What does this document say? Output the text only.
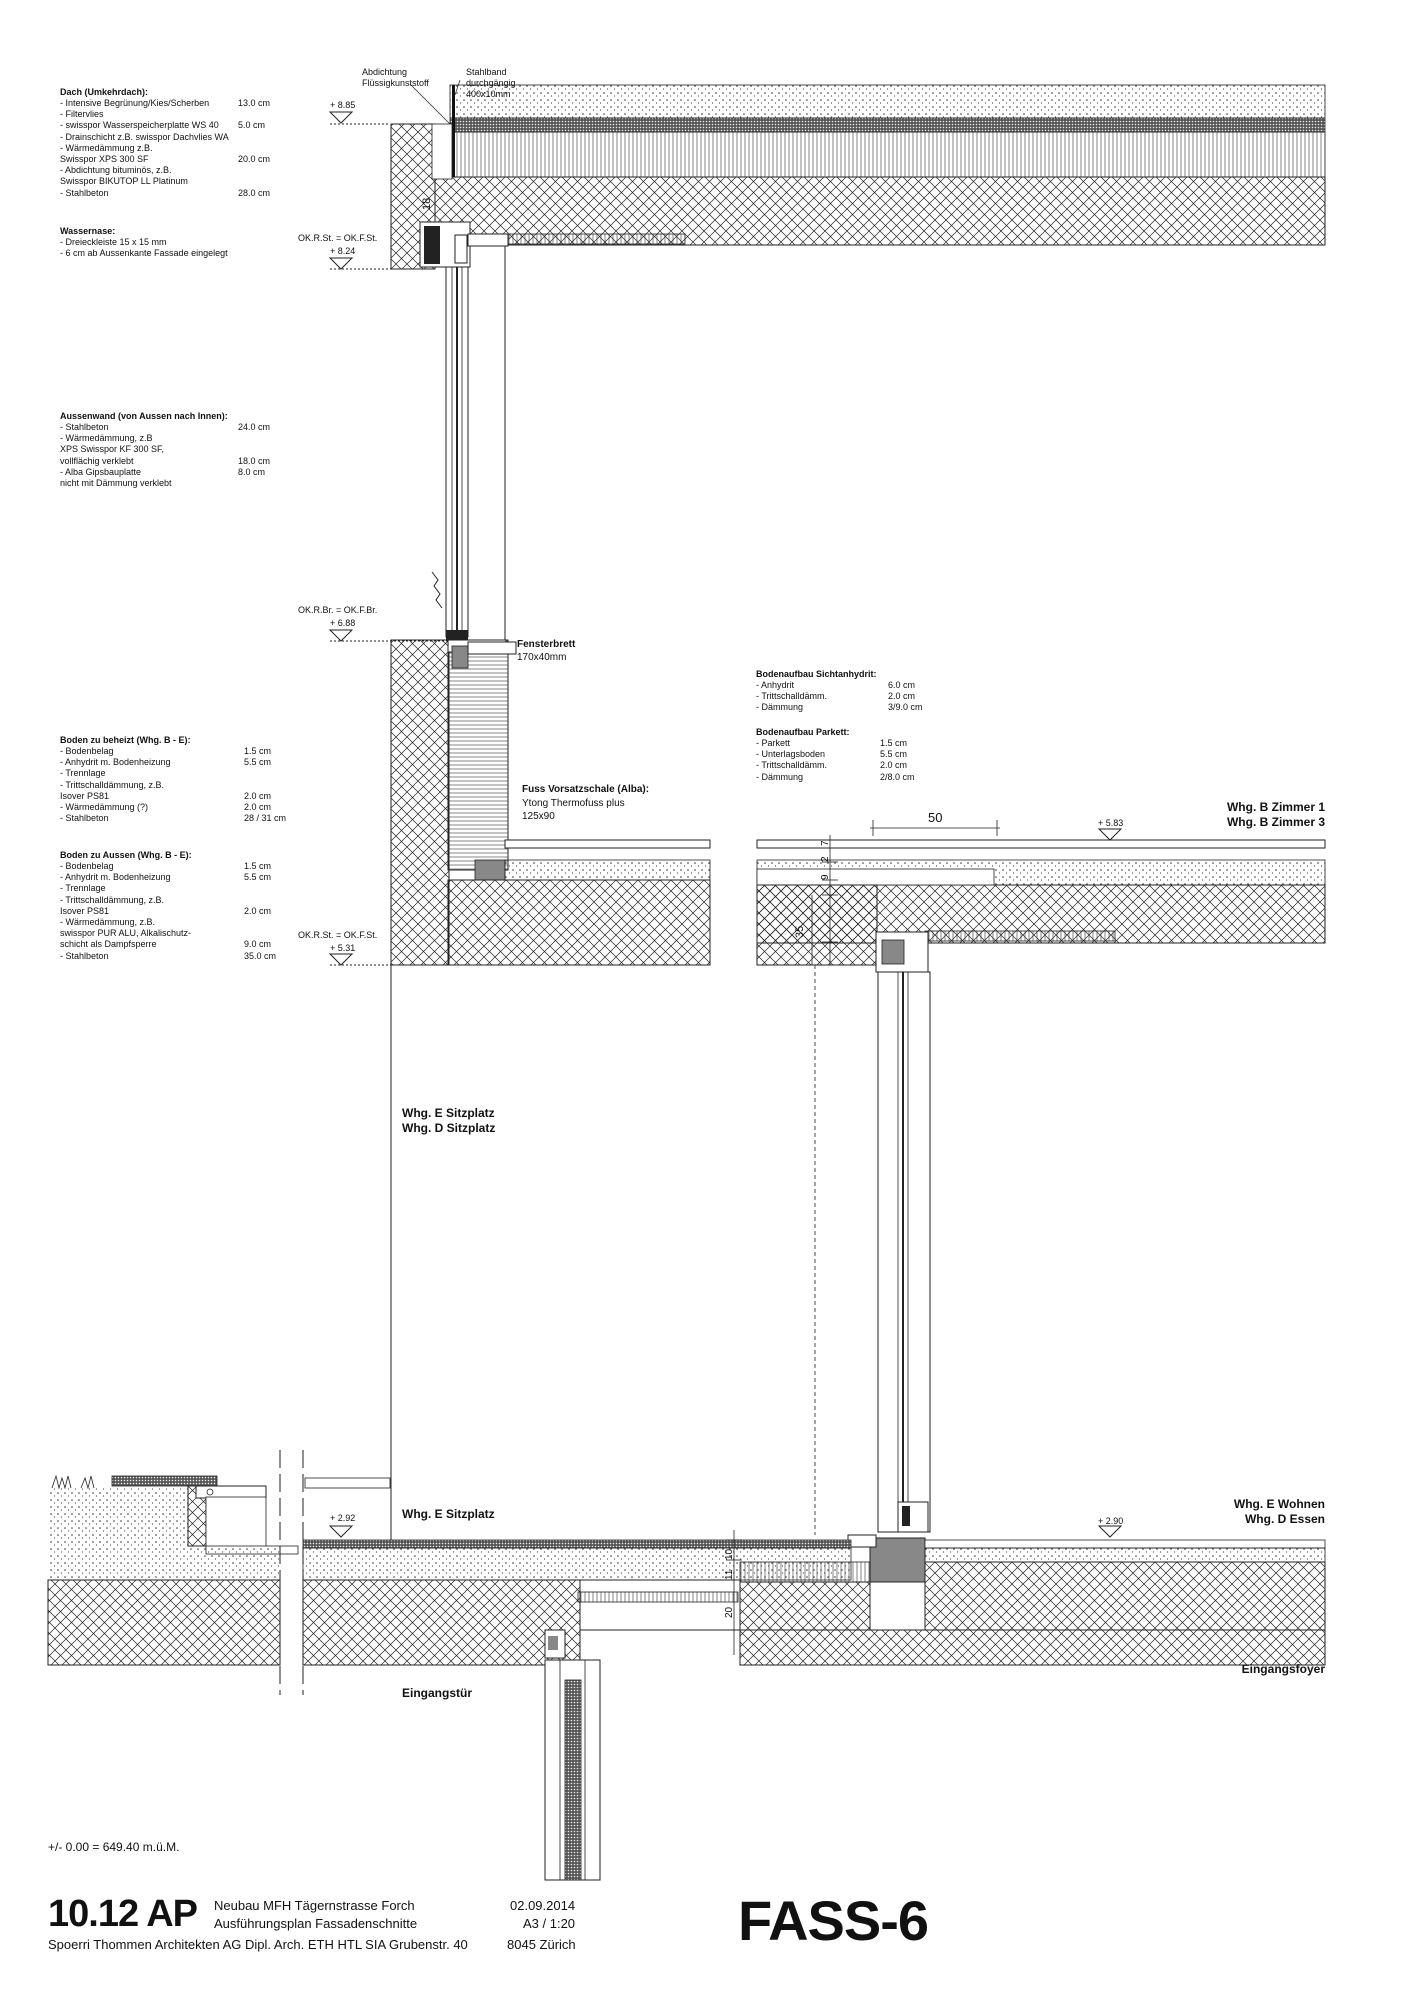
Dach (Umkehrdach):
- Intensive Begrünung/Kies/Scherben	13.0 cm
- Filtervlies
- swisspor Wasserspeicherplatte WS 40 5.0 cm
- Drainschicht z.B. swisspor Dachvlies WA
- Wärmedämmung z.B.
Swisspor XPS 300 SF	20.0 cm
- Abdichtung bituminös, z.B.
Swisspor BIKUTOP LL Platinum
- Stahlbeton	28.0 cm
Wassernase:
- Dreieckleiste 15 x 15 mm
- 6 cm ab Aussenkante Fassade eingelegt
Aussenwand (von Aussen nach Innen):
- Stahlbeton	24.0 cm
- Wärmedämmung, z.B
XPS Swisspor KF 300 SF,
vollflächig verklebt	18.0 cm
- Alba Gipsbauplatte	8.0 cm
nicht mit Dämmung verklebt
Boden zu beheizt (Whg. B - E):
- Bodenbelag	1.5 cm
- Anhydrit m. Bodenheizung	5.5 cm
- Trennlage
- Trittschalldämmung, z.B.
Isover PS81	2.0 cm
- Wärmedämmung (?)	2.0 cm
- Stahlbeton	28 / 31 cm
Boden zu Aussen (Whg. B - E):
- Bodenbelag	1.5 cm
- Anhydrit m. Bodenheizung	5.5 cm
- Trennlage
- Trittschalldämmung, z.B.
Isover PS81	2.0 cm
- Wärmedämmung, z.B.
swisspor PUR ALU, Alkalischutz-
schicht als Dampfsperre	9.0 cm
- Stahlbeton	35.0 cm
Bodenaufbau Sichtanhydrit:
- Anhydrit	6.0 cm
- Trittschalldämm.	2.0 cm
- Dämmung	3/9.0 cm
Bodenaufbau Parkett:
- Parkett	1.5 cm
- Unterlagsboden	5.5 cm
- Trittschalldämm.	2.0 cm
- Dämmung	2/8.0 cm
Abdichtung
Flüssigkunststoff
Stahlband
durchgängig
400x10mm
Fensterbrett
170x40mm
Fuss Vorsatzschale (Alba):
Ytong Thermofuss plus
125x90
+ 8.85
OK.R.St. = OK.F.St.
+ 8.24
OK.R.Br. = OK.F.Br.
+ 6.88
OK.R.St. = OK.F.St.
+ 5.31
+ 5.83
+ 2.92	+ 2.90
50
18
7
2
9
35
10
11
20
Whg. B Zimmer 1
Whg. B Zimmer 3
Whg. E Sitzplatz
Whg. D Sitzplatz
Whg. E Sitzplatz
Whg. E Wohnen
Whg. D Essen
Eingangsfoyer
Eingangstür
10.12 AP Neubau MFH Tägernstrasse Forch
Ausführungsplan Fassadenschnitte
Spoerri Thommen Architekten AG Dipl. Arch. ETH HTL SIA Grubenstr. 40
02.09.2014
A3 / 1:20
8045 Zürich	FASS-6
+/- 0.00 = 649.40 m.ü.M.
